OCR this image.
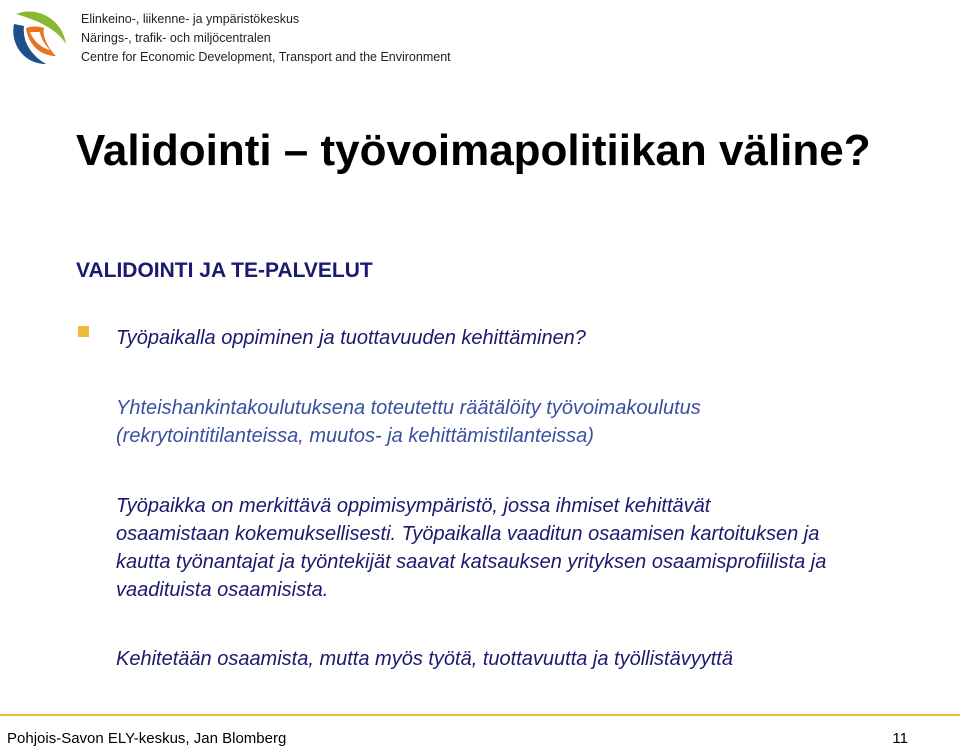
Elinkeino-, liikenne- ja ympäristökeskus
Närings-, trafik- och miljöcentralen
Centre for Economic Development, Transport and the Environment
Validointi – työvoimapolitiikan väline?
VALIDOINTI JA TE-PALVELUT
Työpaikalla oppiminen ja tuottavuuden kehittäminen?
Yhteishankintakoulutuksena toteutettu räätälöity työvoimakoulutus
(rekrytointitilanteissa, muutos- ja kehittämistilanteissa)
Työpaikka on merkittävä oppimisympäristö, jossa ihmiset kehittävät
osaamistaan kokemuksellisesti. Työpaikalla vaaditun osaamisen kartoituksen ja
kautta työnantajat ja työntekijät saavat katsauksen yrityksen osaamisprofiilista ja
vaadituista osaamisista.
Kehitetään osaamista, mutta myös työtä, tuottavuutta ja työllistävyyttä
Pohjois-Savon ELY-keskus, Jan Blomberg	11
